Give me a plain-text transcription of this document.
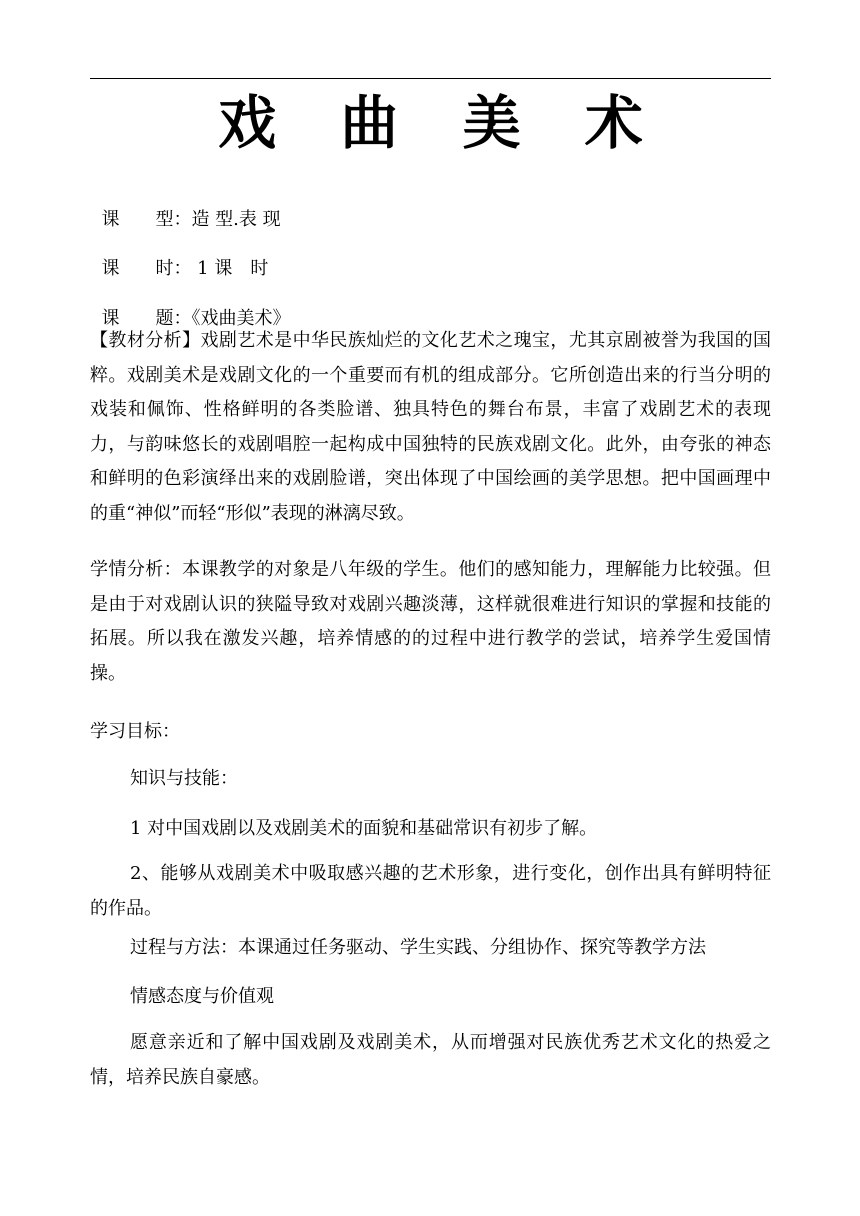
戏 曲 美 术

课　　型：造 型.表 现

课　　时： 1 课　时

课　　题：《戏曲美术》

【教材分析】戏剧艺术是中华民族灿烂的文化艺术之瑰宝，尤其京剧被誉为我国的国粹。戏剧美术是戏剧文化的一个重要而有机的组成部分。它所创造出来的行当分明的戏装和佩饰、性格鲜明的各类脸谱、独具特色的舞台布景，丰富了戏剧艺术的表现力，与韵味悠长的戏剧唱腔一起构成中国独特的民族戏剧文化。此外，由夸张的神态和鲜明的色彩演绎出来的戏剧脸谱，突出体现了中国绘画的美学思想。把中国画理中的重“神似”而轻“形似”表现的淋漓尽致。
学情分析：本课教学的对象是八年级的学生。他们的感知能力，理解能力比较强。但是由于对戏剧认识的狭隘导致对戏剧兴趣淡薄，这样就很难进行知识的掌握和技能的拓展。所以我在激发兴趣，培养情感的的过程中进行教学的尝试，培养学生爱国情操。
学习目标：
知识与技能：
1 对中国戏剧以及戏剧美术的面貌和基础常识有初步了解。
2、能够从戏剧美术中吸取感兴趣的艺术形象，进行变化，创作出具有鲜明特征的作品。
过程与方法：本课通过任务驱动、学生实践、分组协作、探究等教学方法
情感态度与价值观
愿意亲近和了解中国戏剧及戏剧美术，从而增强对民族优秀艺术文化的热爱之情，培养民族自豪感。
